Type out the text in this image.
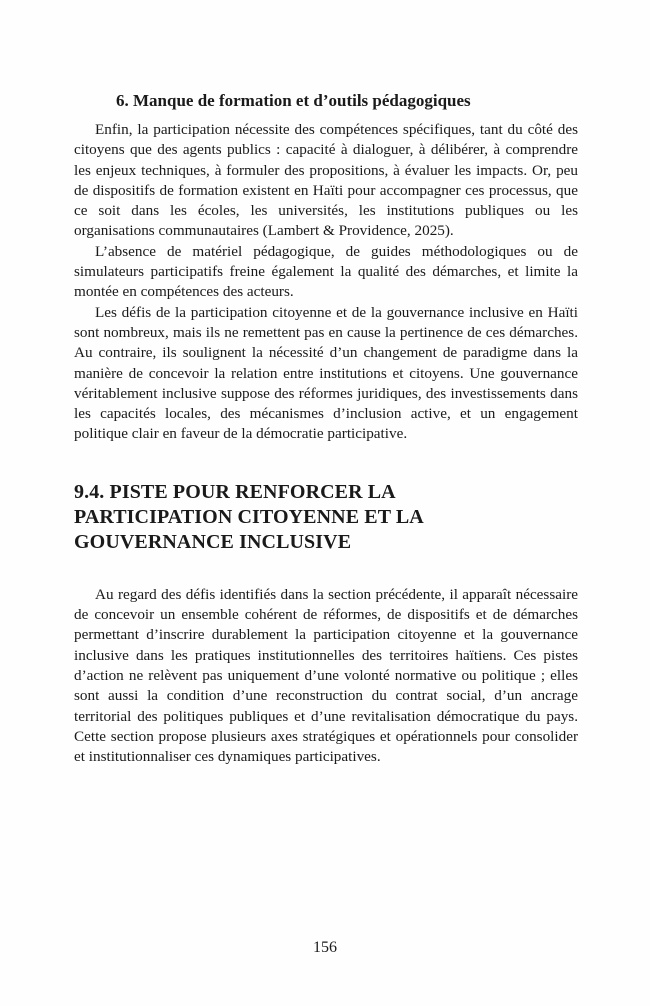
6. Manque de formation et d’outils pédagogiques

Enfin, la participation nécessite des compétences spécifiques, tant du côté des citoyens que des agents publics : capacité à dialoguer, à délibérer, à comprendre les enjeux techniques, à formuler des propositions, à évaluer les impacts. Or, peu de dispositifs de formation existent en Haïti pour accompagner ces processus, que ce soit dans les écoles, les universités, les institutions publiques ou les organisations communautaires (Lambert & Providence, 2025).

L’absence de matériel pédagogique, de guides méthodologiques ou de simulateurs participatifs freine également la qualité des démarches, et limite la montée en compétences des acteurs.

Les défis de la participation citoyenne et de la gouvernance inclusive en Haïti sont nombreux, mais ils ne remettent pas en cause la pertinence de ces démarches. Au contraire, ils soulignent la nécessité d’un changement de paradigme dans la manière de concevoir la relation entre institutions et citoyens. Une gouvernance véritablement inclusive suppose des réformes juridiques, des investissements dans les capacités locales, des mécanismes d’inclusion active, et un engagement politique clair en faveur de la démocratie participative.

9.4. PISTE POUR RENFORCER LA
PARTICIPATION CITOYENNE ET LA
GOUVERNANCE INCLUSIVE

Au regard des défis identifiés dans la section précédente, il apparaît nécessaire de concevoir un ensemble cohérent de réformes, de dispositifs et de démarches permettant d’inscrire durablement la participation citoyenne et la gouvernance inclusive dans les pratiques institutionnelles des territoires haïtiens. Ces pistes d’action ne relèvent pas uniquement d’une volonté normative ou politique ; elles sont aussi la condition d’une reconstruction du contrat social, d’un ancrage territorial des politiques publiques et d’une revitalisation démocratique du pays. Cette section propose plusieurs axes stratégiques et opérationnels pour consolider et institutionnaliser ces dynamiques participatives.

156
